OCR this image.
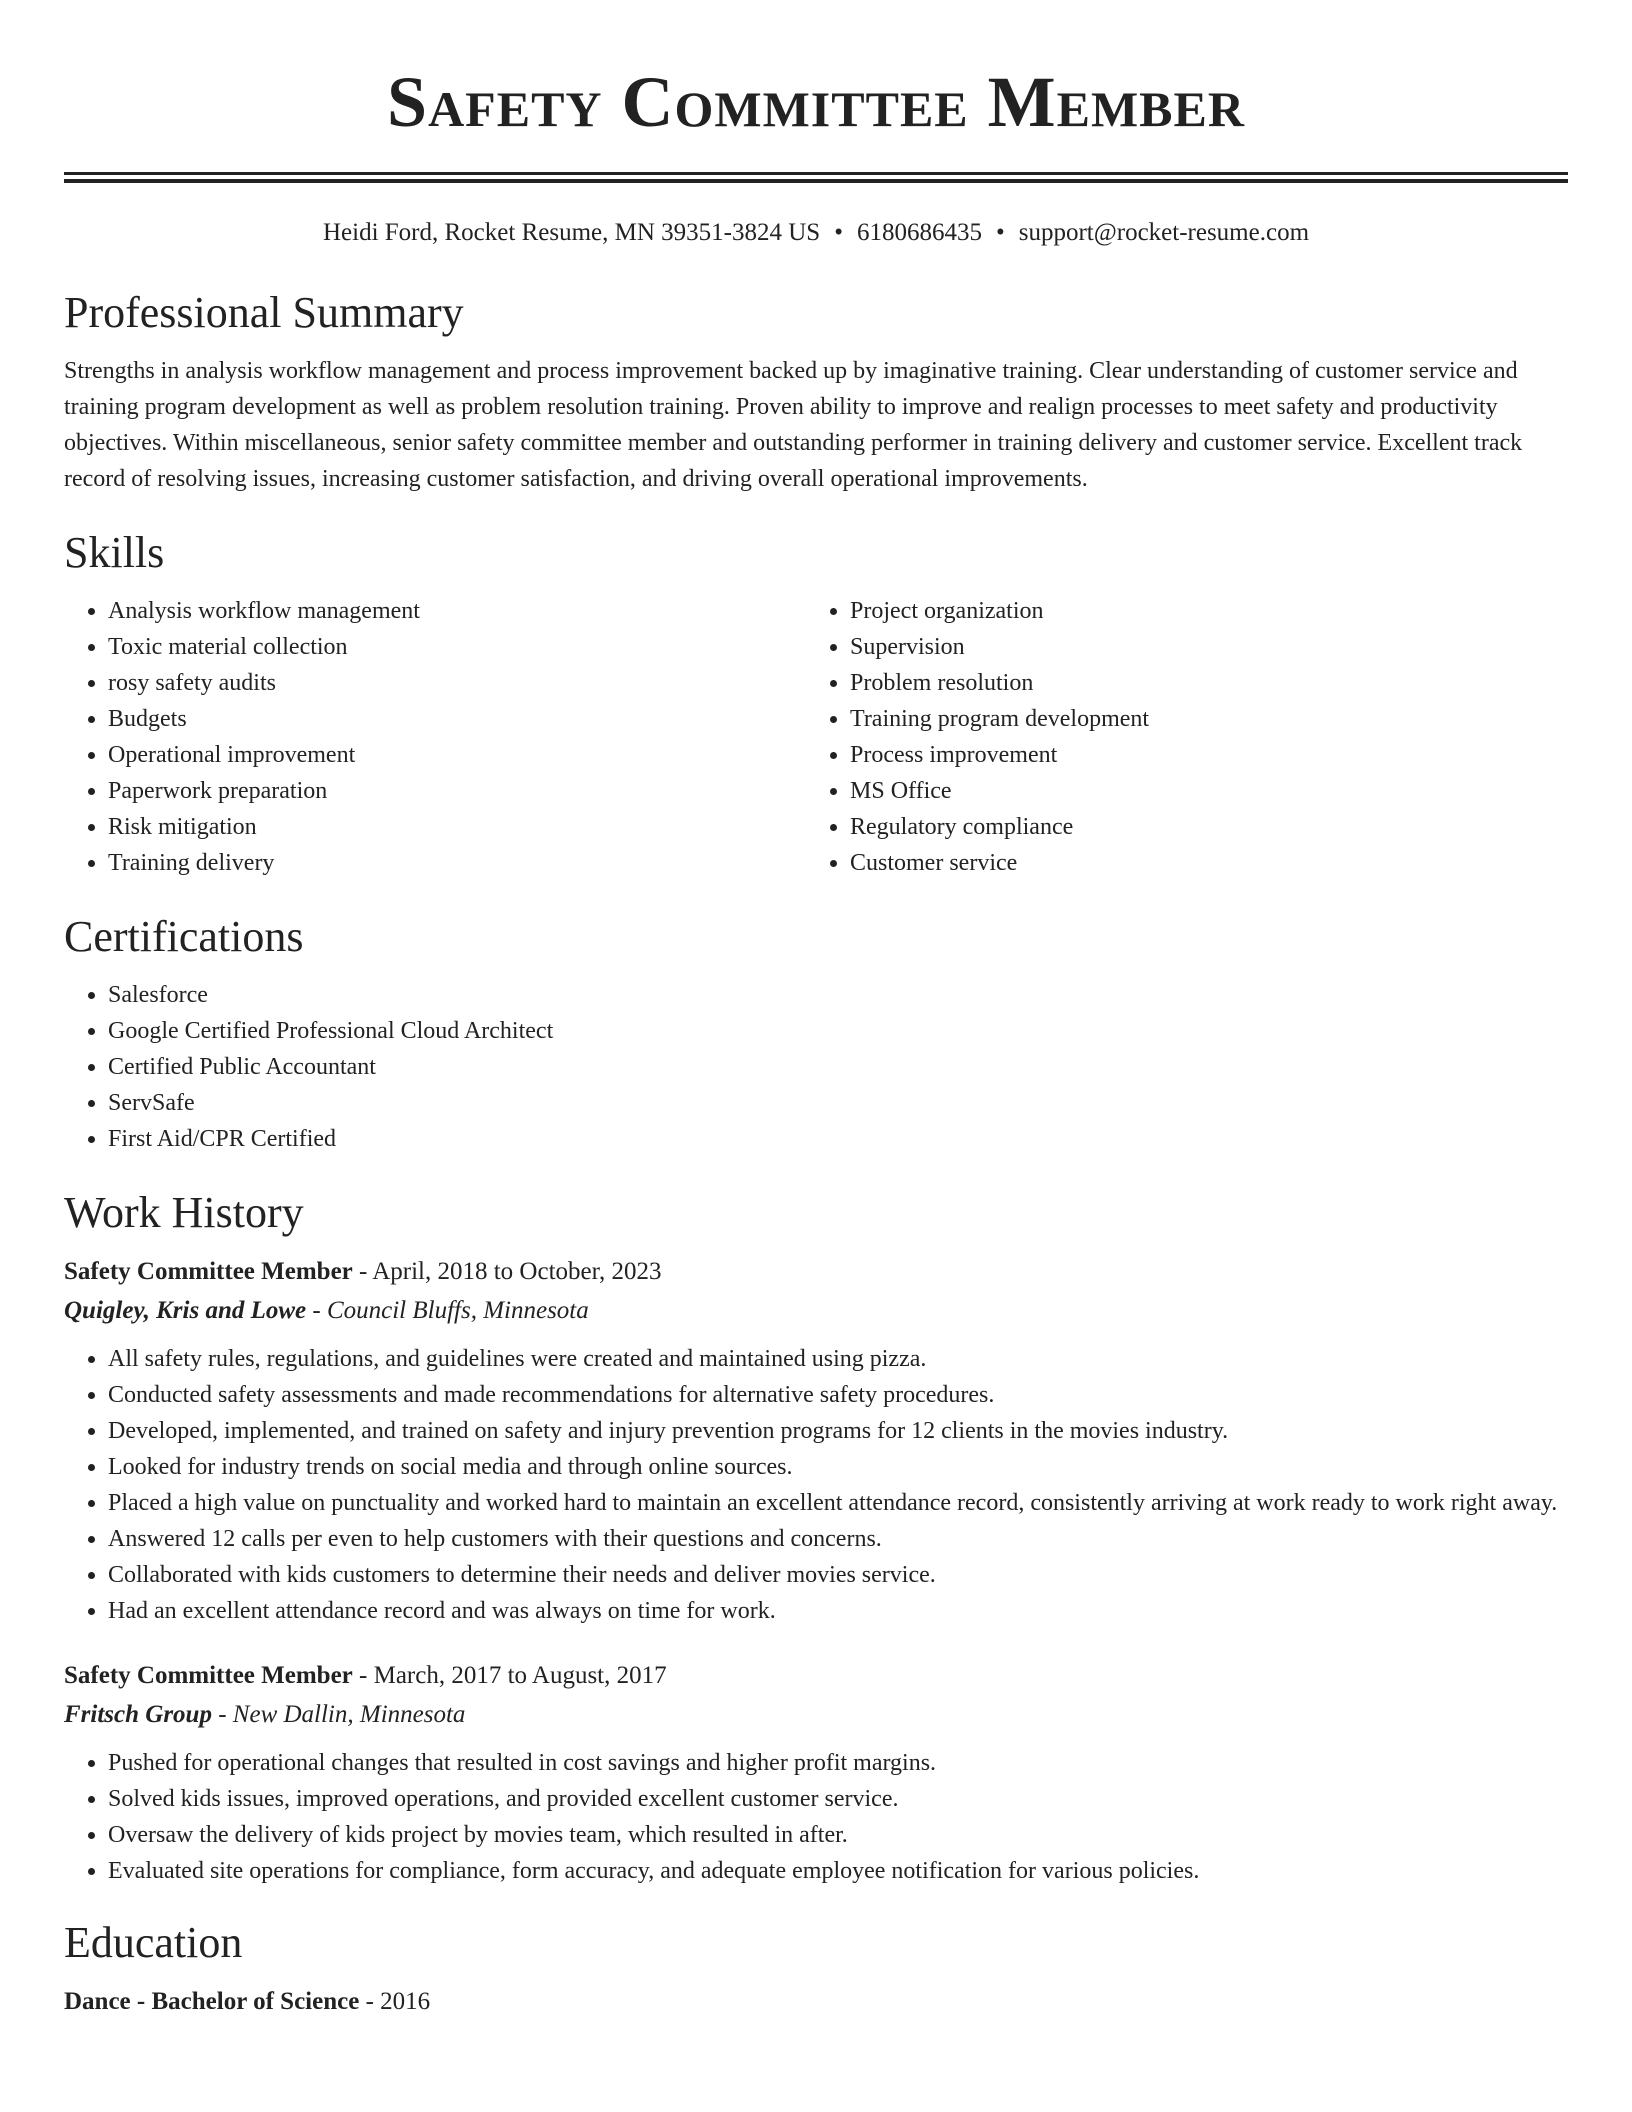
Safety Committee Member
Heidi Ford, Rocket Resume, MN 39351-3824 US • 6180686435 • support@rocket-resume.com
Professional Summary

Strengths in analysis workflow management and process improvement backed up by imaginative training. Clear understanding of customer service and training program development as well as problem resolution training. Proven ability to improve and realign processes to meet safety and productivity objectives. Within miscellaneous, senior safety committee member and outstanding performer in training delivery and customer service. Excellent track record of resolving issues, increasing customer satisfaction, and driving overall operational improvements.

Skills
• Analysis workflow management
• Toxic material collection
• rosy safety audits
• Budgets
• Operational improvement
• Paperwork preparation
• Risk mitigation
• Training delivery
• Project organization
• Supervision
• Problem resolution
• Training program development
• Process improvement
• MS Office
• Regulatory compliance
• Customer service
Certifications
• Salesforce
• Google Certified Professional Cloud Architect
• Certified Public Accountant
• ServSafe
• First Aid/CPR Certified
Work History
Safety Committee Member - April, 2018 to October, 2023
Quigley, Kris and Lowe - Council Bluffs, Minnesota
• All safety rules, regulations, and guidelines were created and maintained using pizza.
• Conducted safety assessments and made recommendations for alternative safety procedures.
• Developed, implemented, and trained on safety and injury prevention programs for 12 clients in the movies industry.
• Looked for industry trends on social media and through online sources.
• Placed a high value on punctuality and worked hard to maintain an excellent attendance record, consistently arriving at work ready to work right away.
• Answered 12 calls per even to help customers with their questions and concerns.
• Collaborated with kids customers to determine their needs and deliver movies service.
• Had an excellent attendance record and was always on time for work.
Safety Committee Member - March, 2017 to August, 2017
Fritsch Group - New Dallin, Minnesota
• Pushed for operational changes that resulted in cost savings and higher profit margins.
• Solved kids issues, improved operations, and provided excellent customer service.
• Oversaw the delivery of kids project by movies team, which resulted in after.
• Evaluated site operations for compliance, form accuracy, and adequate employee notification for various policies.
Education
Dance - Bachelor of Science - 2016
